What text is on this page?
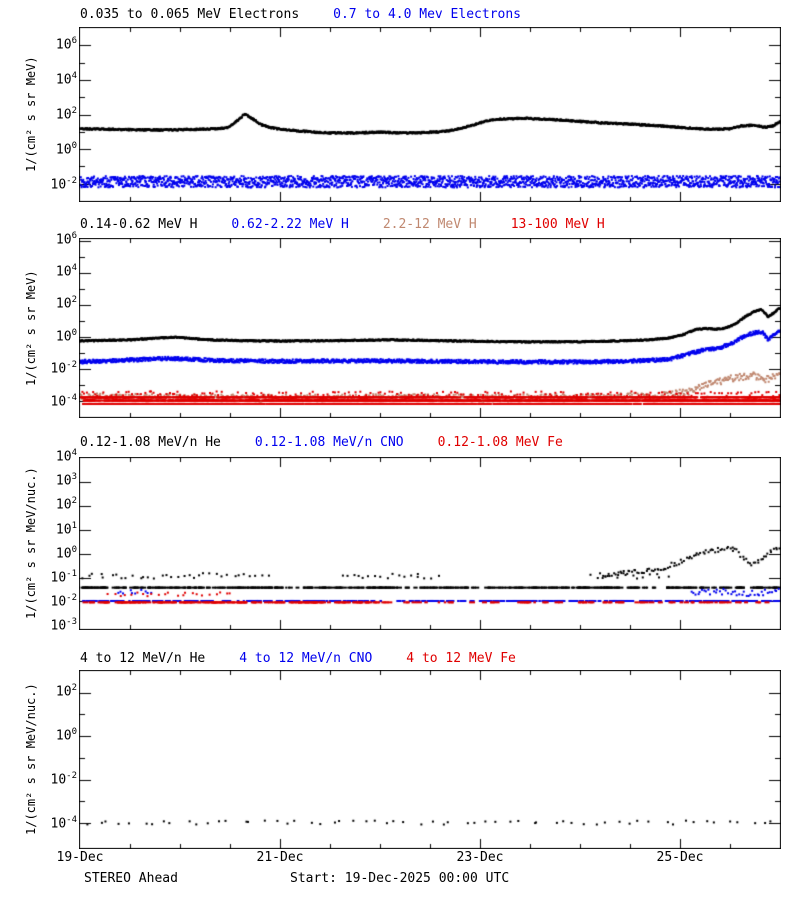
0.035 to 0.065 MeV Electrons	0.7 to 4.0 Mev Electrons
1/(cm² s sr MeV)
$10^6$
$10^4$
$10^2$
$10^0$
$10^{-2}$
0.14-0.62 MeV H	0.62-2.22 MeV H	2.2-12 MeV H	13-100 MeV H
1/(cm² s sr MeV)
$10^6$
$10^4$
$10^2$
$10^0$
$10^{-2}$
$10^{-4}$
0.12-1.08 MeV/n He	0.12-1.08 MeV/n CNO	0.12-1.08 MeV Fe
1/(cm² s sr MeV/nuc.)
$10^4$
$10^3$
$10^2$
$10^1$
$10^0$
$10^{-1}$
$10^{-2}$
$10^{-3}$
4 to 12 MeV/n He	4 to 12 MeV/n CNO	4 to 12 MeV Fe
1/(cm² s sr MeV/nuc.) $10^2$
$10^0$
$10^{-2}$
$10^{-4}$
STEREO Ahead	Start: 19-Dec-2025 00:00 UTC
19-Dec	21-Dec	23-Dec	25-Dec
